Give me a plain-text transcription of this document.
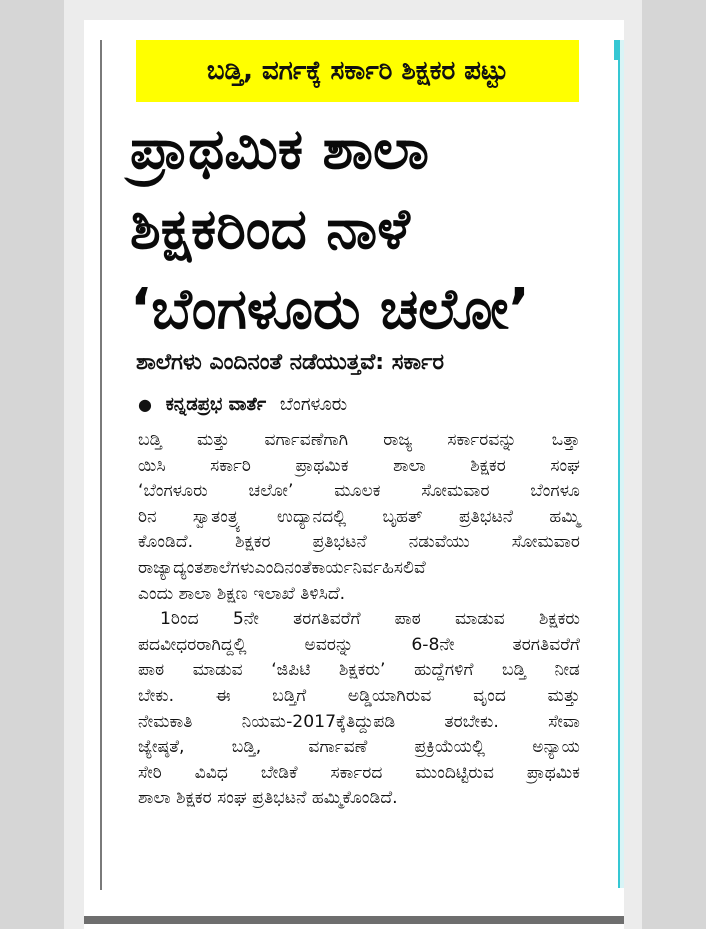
ಬಡ್ತಿ, ವರ್ಗಕ್ಕೆ ಸರ್ಕಾರಿ ಶಿಕ್ಷಕರ ಪಟ್ಟು
ಪ್ರಾಥಮಿಕ ಶಾಲಾ
ಶಿಕ್ಷಕರಿಂದ ನಾಳೆ
‘ಬೆಂಗಳೂರು ಚಲೋ’
ಶಾಲೆಗಳು ಎಂದಿನಂತೆ ನಡೆಯುತ್ತವೆ: ಸರ್ಕಾರ
● ಕನ್ನಡಪ್ರಭ ವಾರ್ತೆ ಬೆಂಗಳೂರು

ಬಡ್ತಿ ಮತ್ತು ವರ್ಗಾವಣೆಗಾಗಿ ರಾಜ್ಯ ಸರ್ಕಾರವನ್ನು ಒತ್ತಾ
ಯಿಸಿ ಸರ್ಕಾರಿ ಪ್ರಾಥಮಿಕ ಶಾಲಾ ಶಿಕ್ಷಕರ ಸಂಘ
‘ಬೆಂಗಳೂರು ಚಲೋ’ ಮೂಲಕ ಸೋಮವಾರ ಬೆಂಗಳೂ
ರಿನ ಸ್ವಾತಂತ್ರ್ಯ ಉದ್ಯಾನದಲ್ಲಿ ಬೃಹತ್ ಪ್ರತಿಭಟನೆ ಹಮ್ಮಿ
ಕೊಂಡಿದೆ. ಶಿಕ್ಷಕರ ಪ್ರತಿಭಟನೆ ನಡುವೆಯು ಸೋಮವಾರ
ರಾಜ್ಯಾದ್ಯಂತಶಾಲೆಗಳುಎಂದಿನಂತೆಕಾರ್ಯನಿರ್ವಹಿಸಲಿವೆ
ಎಂದು ಶಾಲಾ ಶಿಕ್ಷಣ ಇಲಾಖೆ ತಿಳಿಸಿದೆ.

1ರಿಂದ 5ನೇ ತರಗತಿವರೆಗೆ ಪಾಠ ಮಾಡುವ ಶಿಕ್ಷಕರು
ಪದವೀಧರರಾಗಿದ್ದಲ್ಲಿ ಅವರನ್ನು 6-8ನೇ ತರಗತಿವರೆಗೆ
ಪಾಠ ಮಾಡುವ ‘ಜಿಪಿಟಿ ಶಿಕ್ಷಕರು’ ಹುದ್ದೆಗಳಿಗೆ ಬಡ್ತಿ ನೀಡ
ಬೇಕು. ಈ ಬಡ್ತಿಗೆ ಅಡ್ಡಿಯಾಗಿರುವ ವೃಂದ ಮತ್ತು
ನೇಮಕಾತಿ ನಿಯಮ-2017ಕ್ಕೆತಿದ್ದುಪಡಿ ತರಬೇಕು. ಸೇವಾ
ಜ್ಯೇಷ್ಠತೆ, ಬಡ್ತಿ, ವರ್ಗಾವಣೆ ಪ್ರಕ್ರಿಯೆಯಲ್ಲಿ ಅನ್ಯಾಯ
ಸೇರಿ ವಿವಿಧ ಬೇಡಿಕೆ ಸರ್ಕಾರದ ಮುಂದಿಟ್ಟಿರುವ ಪ್ರಾಥಮಿಕ
ಶಾಲಾ ಶಿಕ್ಷಕರ ಸಂಘ ಪ್ರತಿಭಟನೆ ಹಮ್ಮಿಕೊಂಡಿದೆ.
